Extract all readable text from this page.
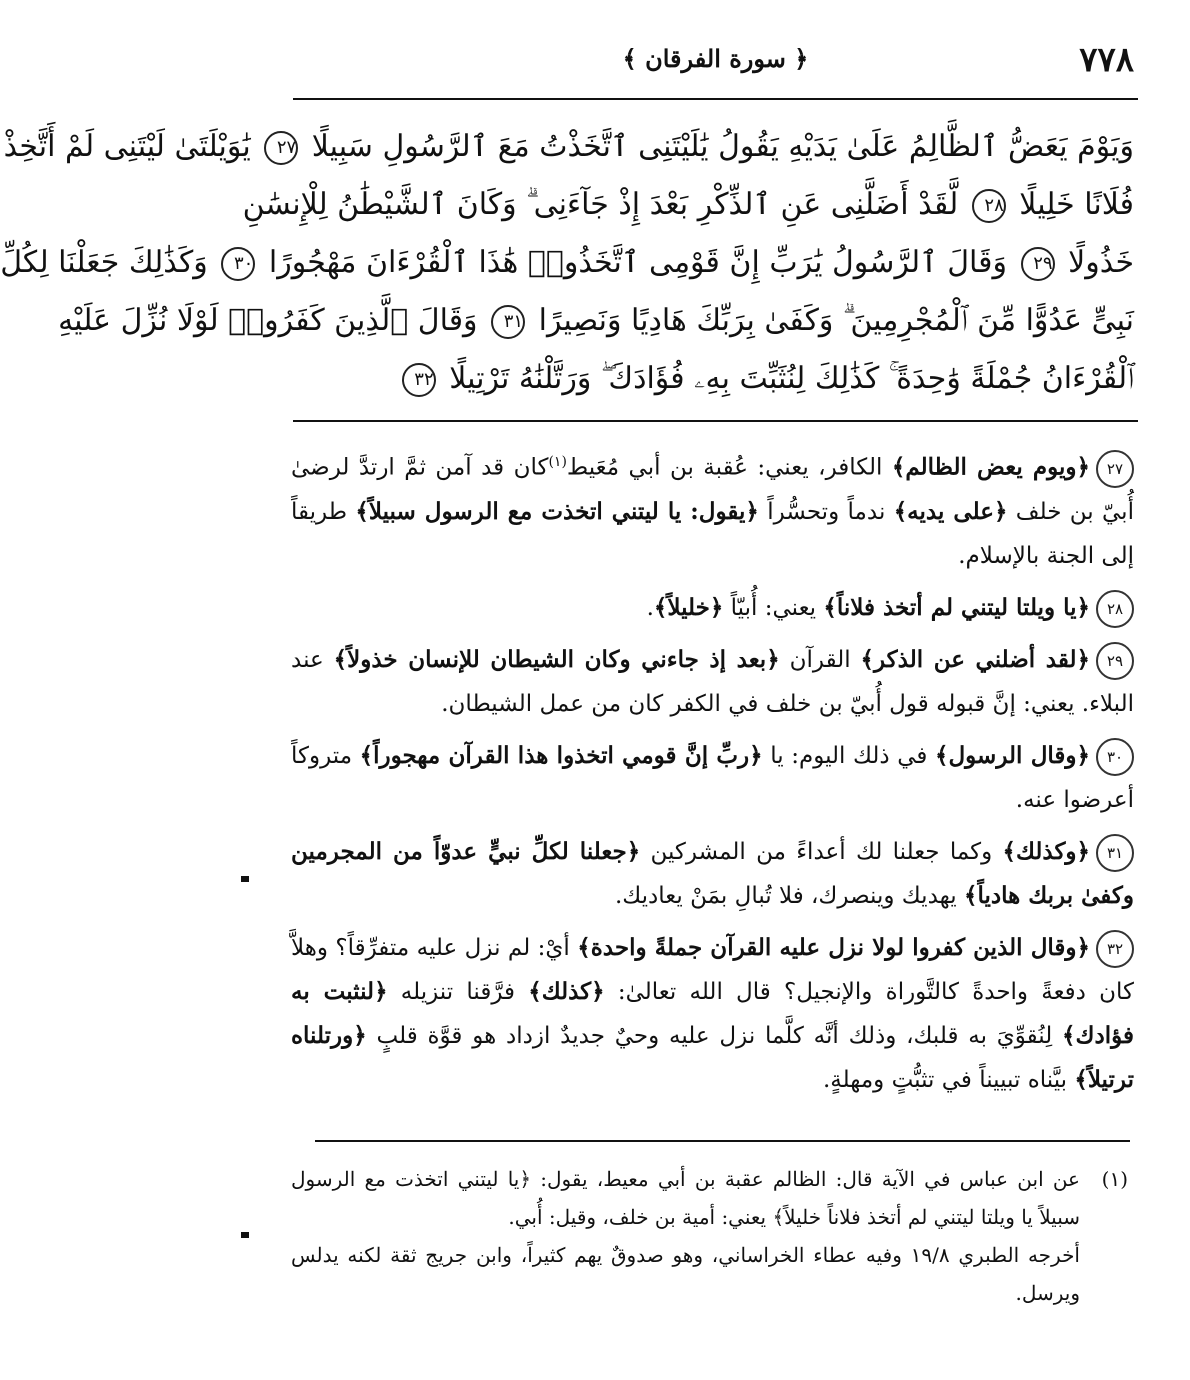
٧٧٨
﴿ سورة الفرقان ﴾
وَيَوْمَ يَعَضُّ ٱلظَّالِمُ عَلَىٰ يَدَيْهِ يَقُولُ يَٰلَيْتَنِى ٱتَّخَذْتُ مَعَ ٱلرَّسُولِ سَبِيلًا ٢٧ يَٰوَيْلَتَىٰ لَيْتَنِى لَمْ أَتَّخِذْ
فُلَانًا خَلِيلًا ٢٨ لَّقَدْ أَضَلَّنِى عَنِ ٱلذِّكْرِ بَعْدَ إِذْ جَآءَنِى ۗ وَكَانَ ٱلشَّيْطَٰنُ لِلْإِنسَٰنِ
خَذُولًا ٢٩ وَقَالَ ٱلرَّسُولُ يَٰرَبِّ إِنَّ قَوْمِى ٱتَّخَذُوا۟ هَٰذَا ٱلْقُرْءَانَ مَهْجُورًا ٣٠ وَكَذَٰلِكَ جَعَلْنَا لِكُلِّ
نَبِىٍّ عَدُوًّا مِّنَ ٱلْمُجْرِمِينَ ۗ وَكَفَىٰ بِرَبِّكَ هَادِيًا وَنَصِيرًا ٣١ وَقَالَ ٱلَّذِينَ كَفَرُوا۟ لَوْلَا نُزِّلَ عَلَيْهِ
ٱلْقُرْءَانُ جُمْلَةً وَٰحِدَةً ۚ كَذَٰلِكَ لِنُثَبِّتَ بِهِۦ فُؤَادَكَ ۖ وَرَتَّلْنَٰهُ تَرْتِيلًا ٣٢
٢٧﴿ويوم يعض الظالم﴾ الكافر، يعني: عُقبة بن أبي مُعَيط$^{(١)}$كان قد آمن ثمَّ ارتدَّ لرضىٰ أُبيّ بن خلف ﴿على يديه﴾ ندماً وتحسُّراً ﴿يقول: يا ليتني اتخذت مع الرسول سبيلاً﴾ طريقاً إلى الجنة بالإسلام.
٢٨﴿يا ويلتا ليتني لم أتخذ فلاناً﴾ يعني: أُبيّاً ﴿خليلاً﴾.
٢٩﴿لقد أضلني عن الذكر﴾ القرآن ﴿بعد إذ جاءني وكان الشيطان للإنسان خذولاً﴾ عند البلاء. يعني: إنَّ قبوله قول أُبيّ بن خلف في الكفر كان من عمل الشيطان.
٣٠﴿وقال الرسول﴾ في ذلك اليوم: يا ﴿ربِّ إنَّ قومي اتخذوا هذا القرآن مهجوراً﴾ متروكاً أعرضوا عنه.
٣١﴿وكذلك﴾ وكما جعلنا لك أعداءً من المشركين ﴿جعلنا لكلِّ نبيٍّ عدوّاً من المجرمين وكفىٰ بربك هادياً﴾ يهديك وينصرك، فلا تُبالِ بمَنْ يعاديك.
٣٢﴿وقال الذين كفروا لولا نزل عليه القرآن جملةً واحدة﴾ أيْ: لم نزل عليه متفرِّقاً؟ وهلاَّ كان دفعةً واحدةً كالتَّوراة والإنجيل؟ قال الله تعالىٰ: ﴿كذلك﴾ فرَّقنا تنزيله ﴿لنثبت به فؤادك﴾ لِنُقوِّيَ به قلبك، وذلك أنَّه كلَّما نزل عليه وحيٌ جديدٌ ازداد هو قوَّة قلبٍ ﴿ورتلناه ترتيلاً﴾ بيَّناه تبييناً في تثبُّتٍ ومهلةٍ.
(١)
عن ابن عباس في الآية قال: الظالم عقبة بن أبي معيط، يقول: ﴿يا ليتني اتخذت مع الرسول سبيلاً يا ويلتا ليتني لم أتخذ فلاناً خليلاً﴾ يعني: أمية بن خلف، وقيل: أُبي.
أخرجه الطبري ١٩/٨ وفيه عطاء الخراساني، وهو صدوقٌ يهم كثيراً، وابن جريج ثقة لكنه يدلس ويرسل.
